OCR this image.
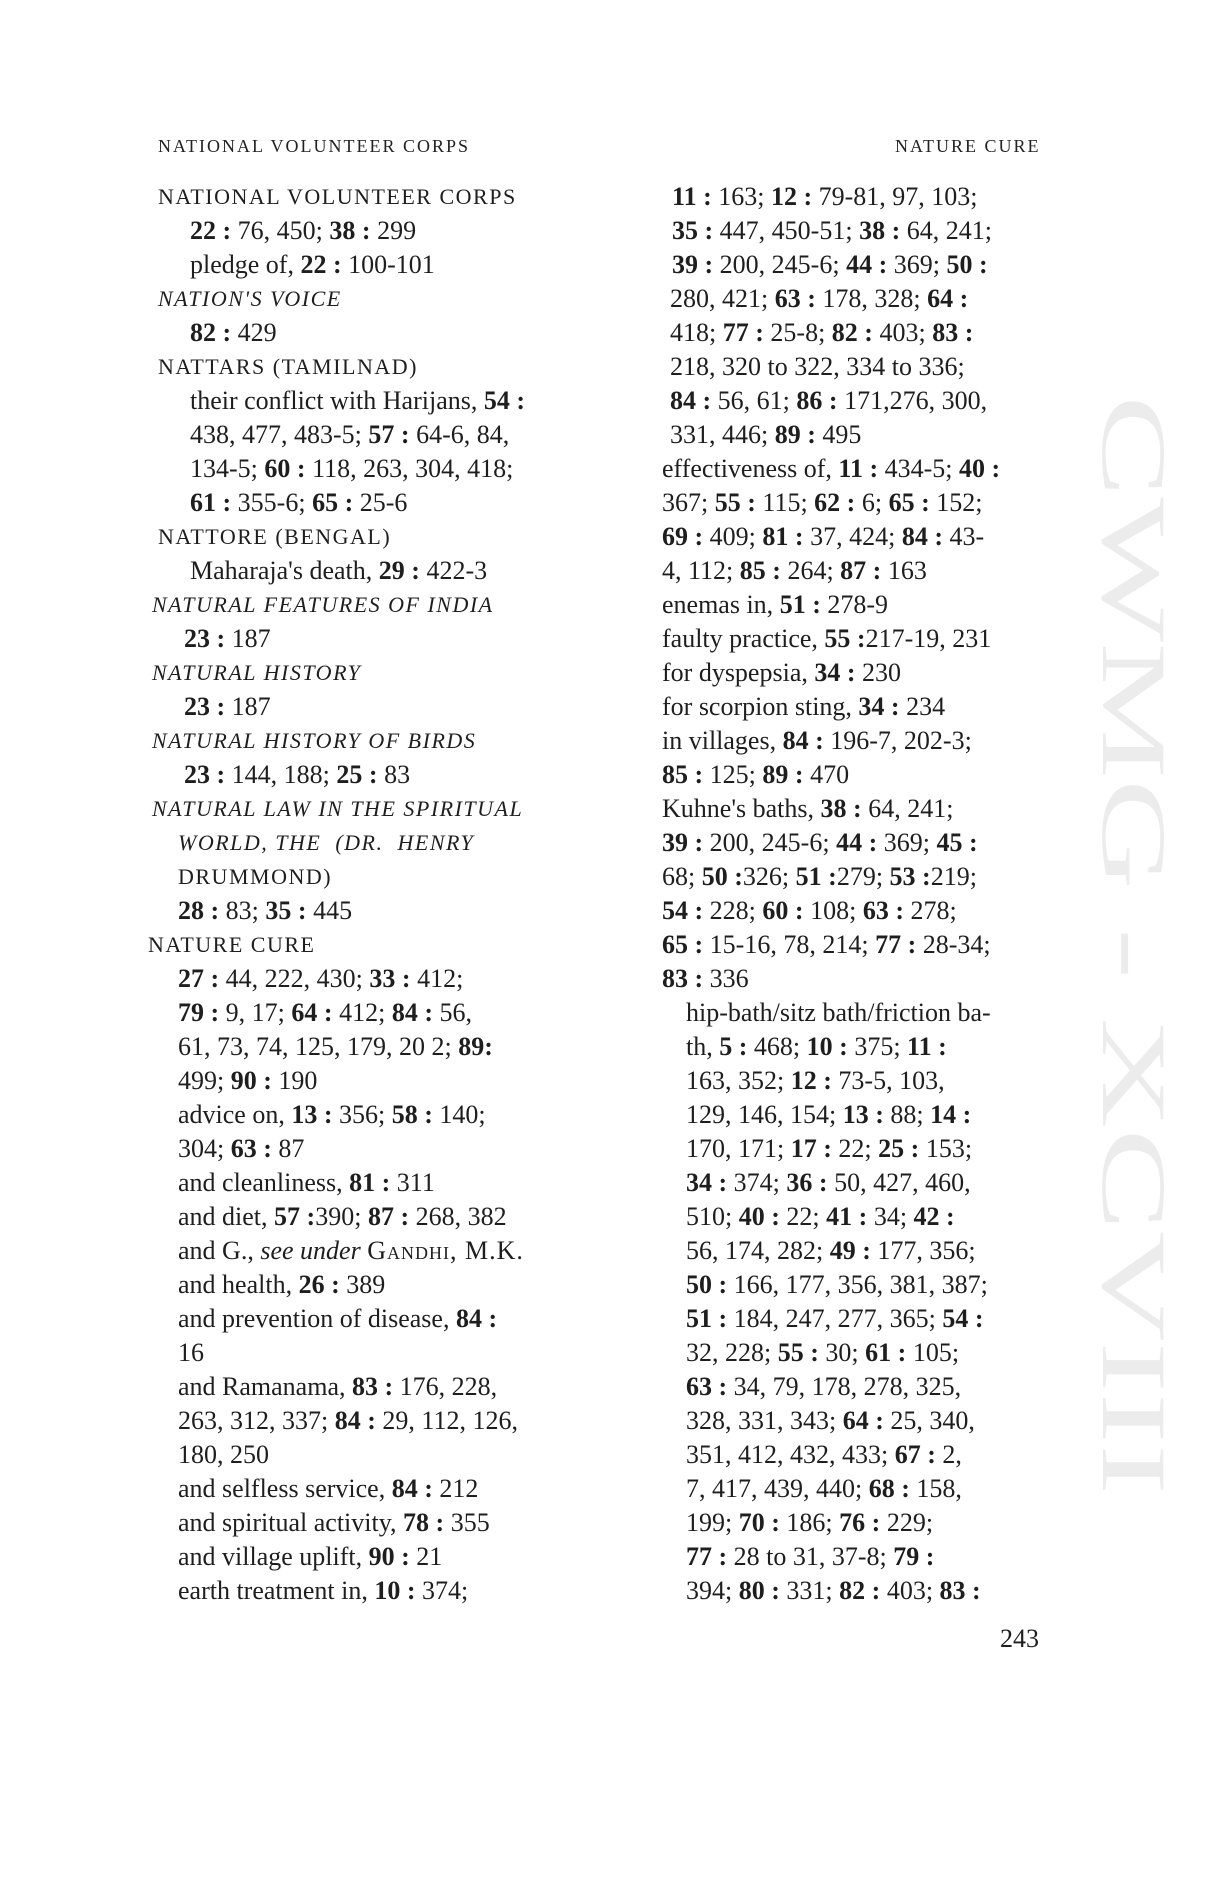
NATIONAL VOLUNTEER CORPS	NATURE CURE
NATIONAL VOLUNTEER CORPS
22 : 76, 450; 38 : 299
pledge of, 22 : 100-101
NATION'S VOICE
82 : 429
NATTARS (TAMILNAD)
their conflict with Harijans, 54 :
438, 477, 483-5; 57 : 64-6, 84,
134-5; 60 : 118, 263, 304, 418;
61 : 355-6; 65 : 25-6
NATTORE (BENGAL)
Maharaja's death, 29 : 422-3
NATURAL FEATURES OF INDIA
23 : 187
NATURAL HISTORY
23 : 187
NATURAL HISTORY OF BIRDS
23 : 144, 188; 25 : 83
NATURAL LAW IN THE SPIRITUAL
WORLD, THE  (DR.  HENRY
DRUMMOND)
28 : 83; 35 : 445
NATURE CURE
27 : 44, 222, 430; 33 : 412;
79 : 9, 17; 64 : 412; 84 : 56,
61, 73, 74, 125, 179, 20 2; 89:
499; 90 : 190
advice on, 13 : 356; 58 : 140;
304; 63 : 87
and cleanliness, 81 : 311
and diet, 57 :390; 87 : 268, 382
and G., see under Gandhi, M.K.
and health, 26 : 389
and prevention of disease, 84 :
16
and Ramanama, 83 : 176, 228,
263, 312, 337; 84 : 29, 112, 126,
180, 250
and selfless service, 84 : 212
and spiritual activity, 78 : 355
and village uplift, 90 : 21
earth treatment in, 10 : 374;
11 : 163; 12 : 79-81, 97, 103;
35 : 447, 450-51; 38 : 64, 241;
39 : 200, 245-6; 44 : 369; 50 :
280, 421; 63 : 178, 328; 64 :
418; 77 : 25-8; 82 : 403; 83 :
218, 320 to 322, 334 to 336;
84 : 56, 61; 86 : 171,276, 300,
331, 446; 89 : 495
effectiveness of, 11 : 434-5; 40 :
367; 55 : 115; 62 : 6; 65 : 152;
69 : 409; 81 : 37, 424; 84 : 43-
4, 112; 85 : 264; 87 : 163
enemas in, 51 : 278-9
faulty practice, 55 :217-19, 231
for dyspepsia, 34 : 230
for scorpion sting, 34 : 234
in villages, 84 : 196-7, 202-3;
85 : 125; 89 : 470
Kuhne's baths, 38 : 64, 241;
39 : 200, 245-6; 44 : 369; 45 :
68; 50 :326; 51 :279; 53 :219;
54 : 228; 60 : 108; 63 : 278;
65 : 15-16, 78, 214; 77 : 28-34;
83 : 336
hip-bath/sitz bath/friction ba-
th, 5 : 468; 10 : 375; 11 :
163, 352; 12 : 73-5, 103,
129, 146, 154; 13 : 88; 14 :
170, 171; 17 : 22; 25 : 153;
34 : 374; 36 : 50, 427, 460,
510; 40 : 22; 41 : 34; 42 :
56, 174, 282; 49 : 177, 356;
50 : 166, 177, 356, 381, 387;
51 : 184, 247, 277, 365; 54 :
32, 228; 55 : 30; 61 : 105;
63 : 34, 79, 178, 278, 325,
328, 331, 343; 64 : 25, 340,
351, 412, 432, 433; 67 : 2,
7, 417, 439, 440; 68 : 158,
199; 70 : 186; 76 : 229;
77 : 28 to 31, 37-8; 79 :
394; 80 : 331; 82 : 403; 83 :
CWMG - XCVIII
243
